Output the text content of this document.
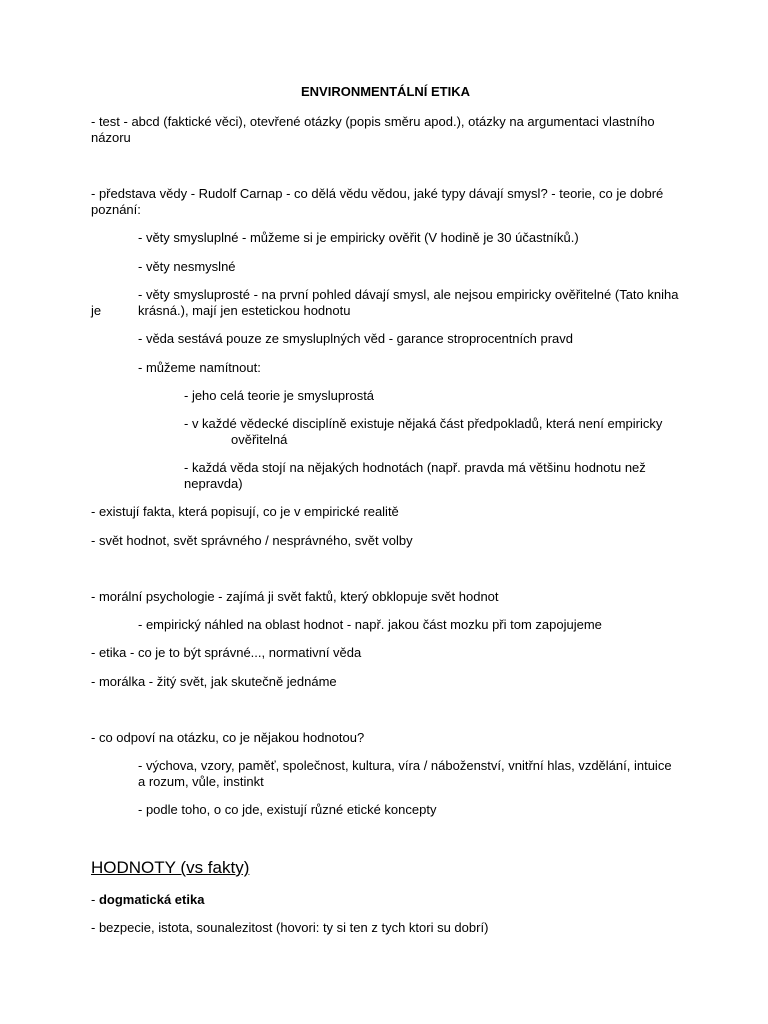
ENVIRONMENTÁLNÍ ETIKA
- test - abcd (faktické věci), otevřené otázky (popis směru apod.), otázky na argumentaci vlastního
názoru
- představa vědy - Rudolf Carnap - co dělá vědu vědou, jaké typy dávají smysl? - teorie, co je dobré
poznání:
- věty smysluplné - můžeme si je empiricky ověřit (V hodině je 30 účastníků.)
- věty nesmyslné
- věty smysluprosté - na první pohled dávají smysl, ale nejsou empiricky ověřitelné (Tato kniha
je	krásná.), mají jen estetickou hodnotu
- věda sestává pouze ze smysluplných věd - garance stroprocentních pravd
- můžeme namítnout:
- jeho celá teorie je smysluprostá
- v každé vědecké disciplíně existuje nějaká část předpokladů, která není empiricky
ověřitelná
- každá věda stojí na nějakých hodnotách (např. pravda má většinu hodnotu než
nepravda)
- existují fakta, která popisují, co je v empirické realitě
- svět hodnot, svět správného / nesprávného, svět volby
- morální psychologie - zajímá ji svět faktů, který obklopuje svět hodnot
- empirický náhled na oblast hodnot - např. jakou část mozku při tom zapojujeme
- etika - co je to být správné..., normativní věda
- morálka - žitý svět, jak skutečně jednáme
- co odpoví na otázku, co je nějakou hodnotou?
- výchova, vzory, paměť, společnost, kultura, víra / náboženství, vnitřní hlas, vzdělání, intuice
a rozum, vůle, instinkt
- podle toho, o co jde, existují různé etické koncepty
HODNOTY (vs fakty)
- dogmatická etika
- bezpecie, istota, sounalezitost (hovori: ty si ten z tych ktori su dobrí)
